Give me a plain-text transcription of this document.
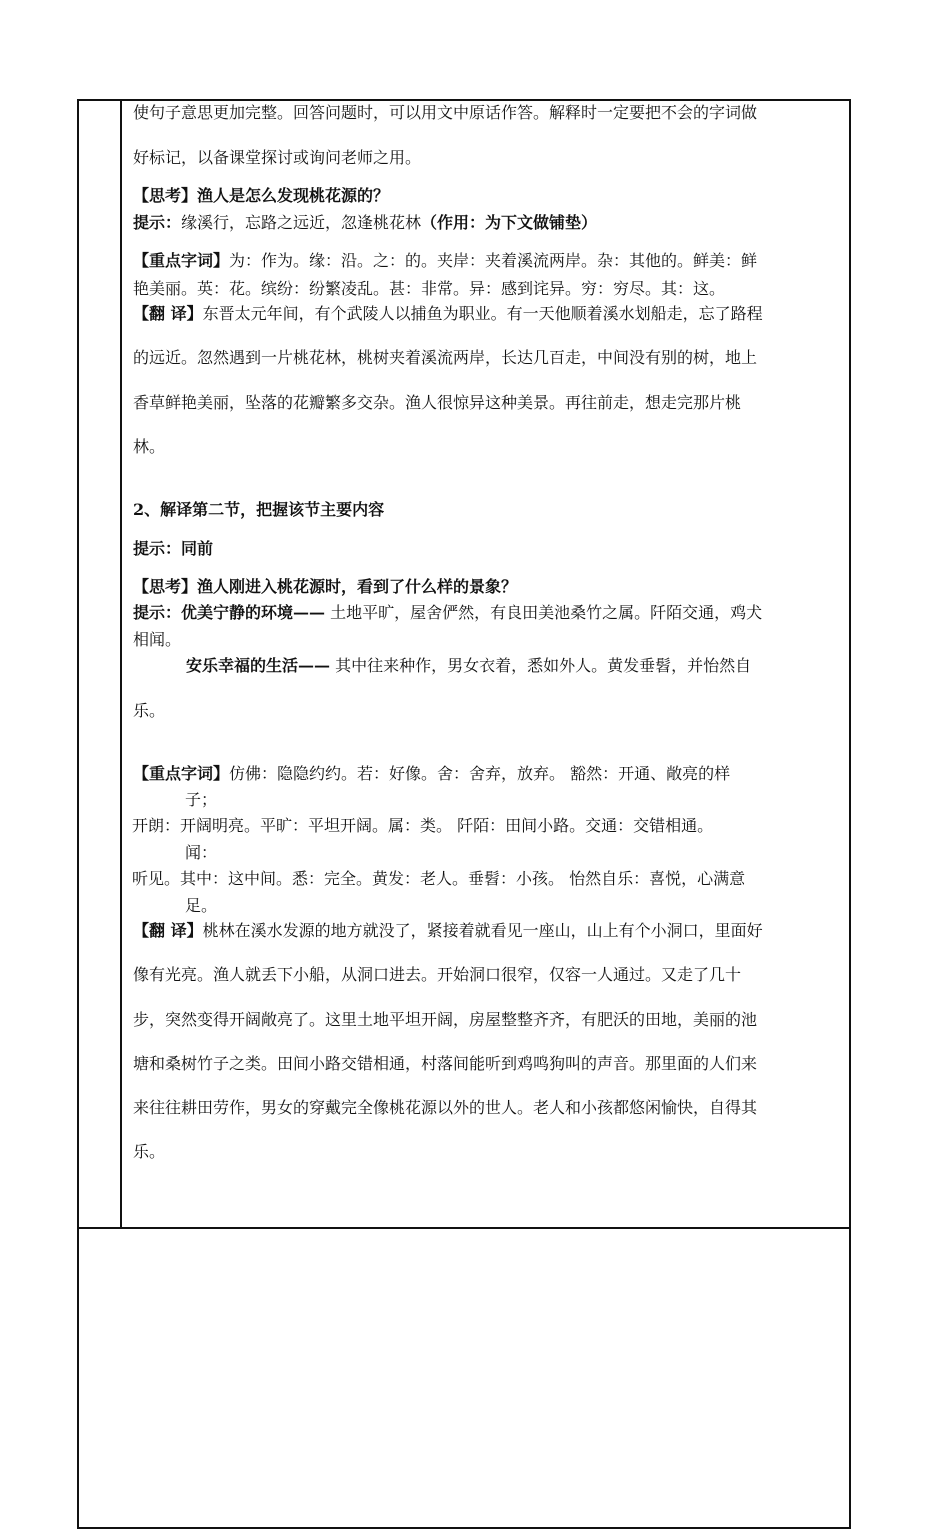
使句子意思更加完整。回答问题时，可以用文中原话作答。解释时一定要把不会的字词做
好标记，以备课堂探讨或询问老师之用。
【思考】渔人是怎么发现桃花源的？
提示：缘溪行，忘路之远近，忽逢桃花林（作用：为下文做铺垫）
【重点字词】为：作为。缘：沿。之：的。夹岸：夹着溪流两岸。杂：其他的。鲜美：鲜
艳美丽。英：花。缤纷：纷繁凌乱。甚：非常。异：感到诧异。穷：穷尽。其：这。
【翻 译】东晋太元年间，有个武陵人以捕鱼为职业。有一天他顺着溪水划船走，忘了路程
的远近。忽然遇到一片桃花林，桃树夹着溪流两岸，长达几百走，中间没有别的树，地上
香草鲜艳美丽，坠落的花瓣繁多交杂。渔人很惊异这种美景。再往前走，想走完那片桃
林。
2、解译第二节，把握该节主要内容
提示：同前
【思考】渔人刚进入桃花源时，看到了什么样的景象？
提示：优美宁静的环境—— 土地平旷，屋舍俨然，有良田美池桑竹之属。阡陌交通，鸡犬
相闻。
安乐幸福的生活—— 其中往来种作，男女衣着，悉如外人。黄发垂髫，并怡然自
乐。
【重点字词】仿佛：隐隐约约。若：好像。舍：舍弃，放弃。 豁然：开通、敞亮的样
子；
开朗：开阔明亮。平旷：平坦开阔。属：类。 阡陌：田间小路。交通：交错相通。
闻：
听见。其中：这中间。悉：完全。黄发：老人。垂髫：小孩。 怡然自乐：喜悦，心满意
足。
【翻 译】桃林在溪水发源的地方就没了，紧接着就看见一座山，山上有个小洞口，里面好
像有光亮。渔人就丢下小船，从洞口进去。开始洞口很窄，仅容一人通过。又走了几十
步，突然变得开阔敞亮了。这里土地平坦开阔，房屋整整齐齐，有肥沃的田地，美丽的池
塘和桑树竹子之类。田间小路交错相通，村落间能听到鸡鸣狗叫的声音。那里面的人们来
来往往耕田劳作，男女的穿戴完全像桃花源以外的世人。老人和小孩都悠闲愉快，自得其
乐。
